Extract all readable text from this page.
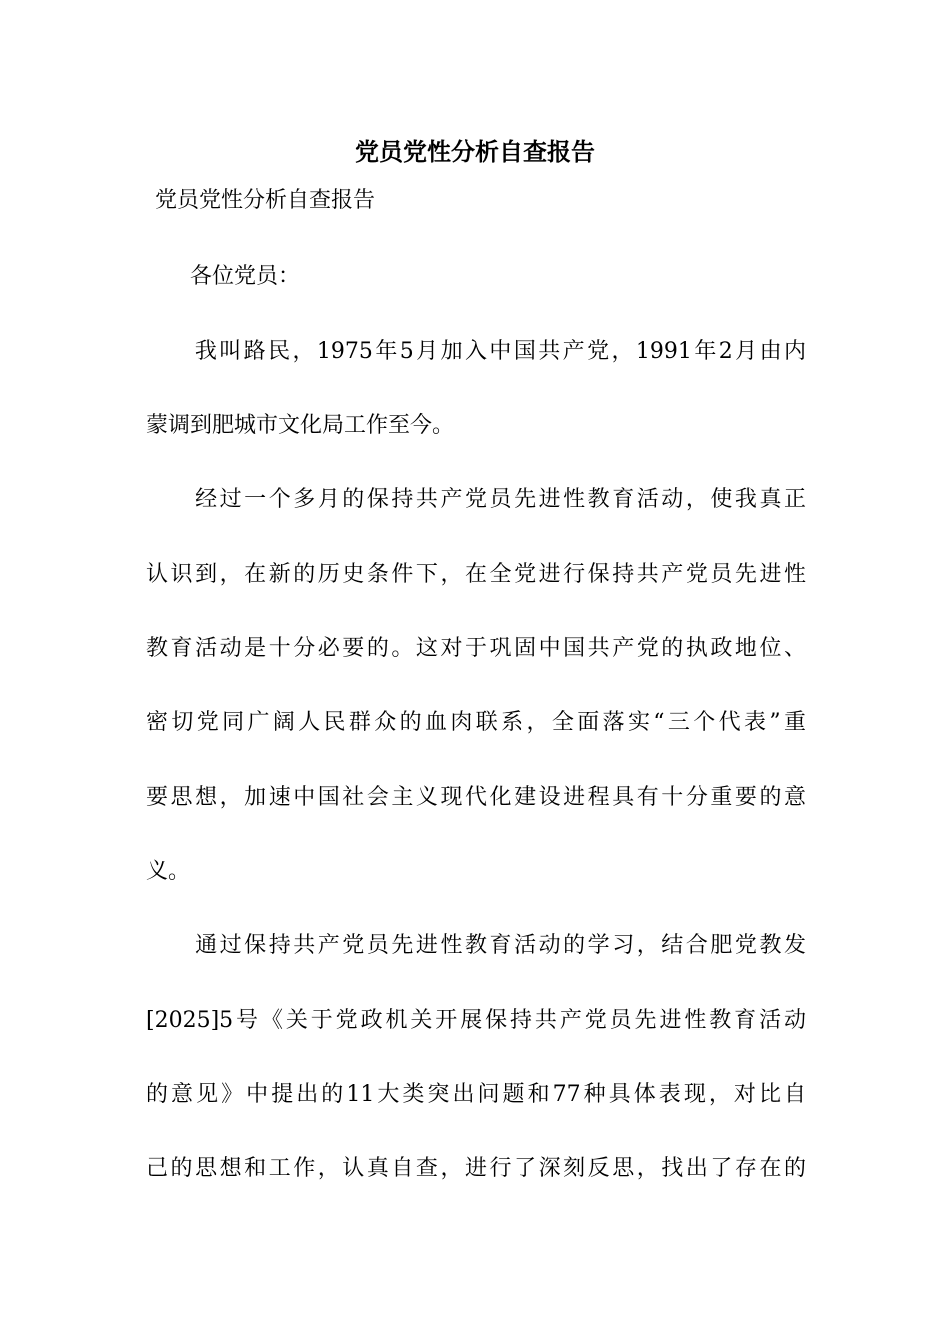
党员党性分析自查报告
党员党性分析自查报告
　　各位党员：
　　我叫路民，1975年5月加入中国共产党，1991年2月由内
蒙调到肥城市文化局工作至今。
　　经过一个多月的保持共产党员先进性教育活动，使我真正
认识到，在新的历史条件下，在全党进行保持共产党员先进性
教育活动是十分必要的。这对于巩固中国共产党的执政地位、
密切党同广阔人民群众的血肉联系，全面落实“三个代表”重
要思想，加速中国社会主义现代化建设进程具有十分重要的意
义。
　　通过保持共产党员先进性教育活动的学习，结合肥党教发
[2025]5号《关于党政机关开展保持共产党员先进性教育活动
的意见》中提出的11大类突出问题和77种具体表现，对比自
己的思想和工作，认真自查，进行了深刻反思，找出了存在的
